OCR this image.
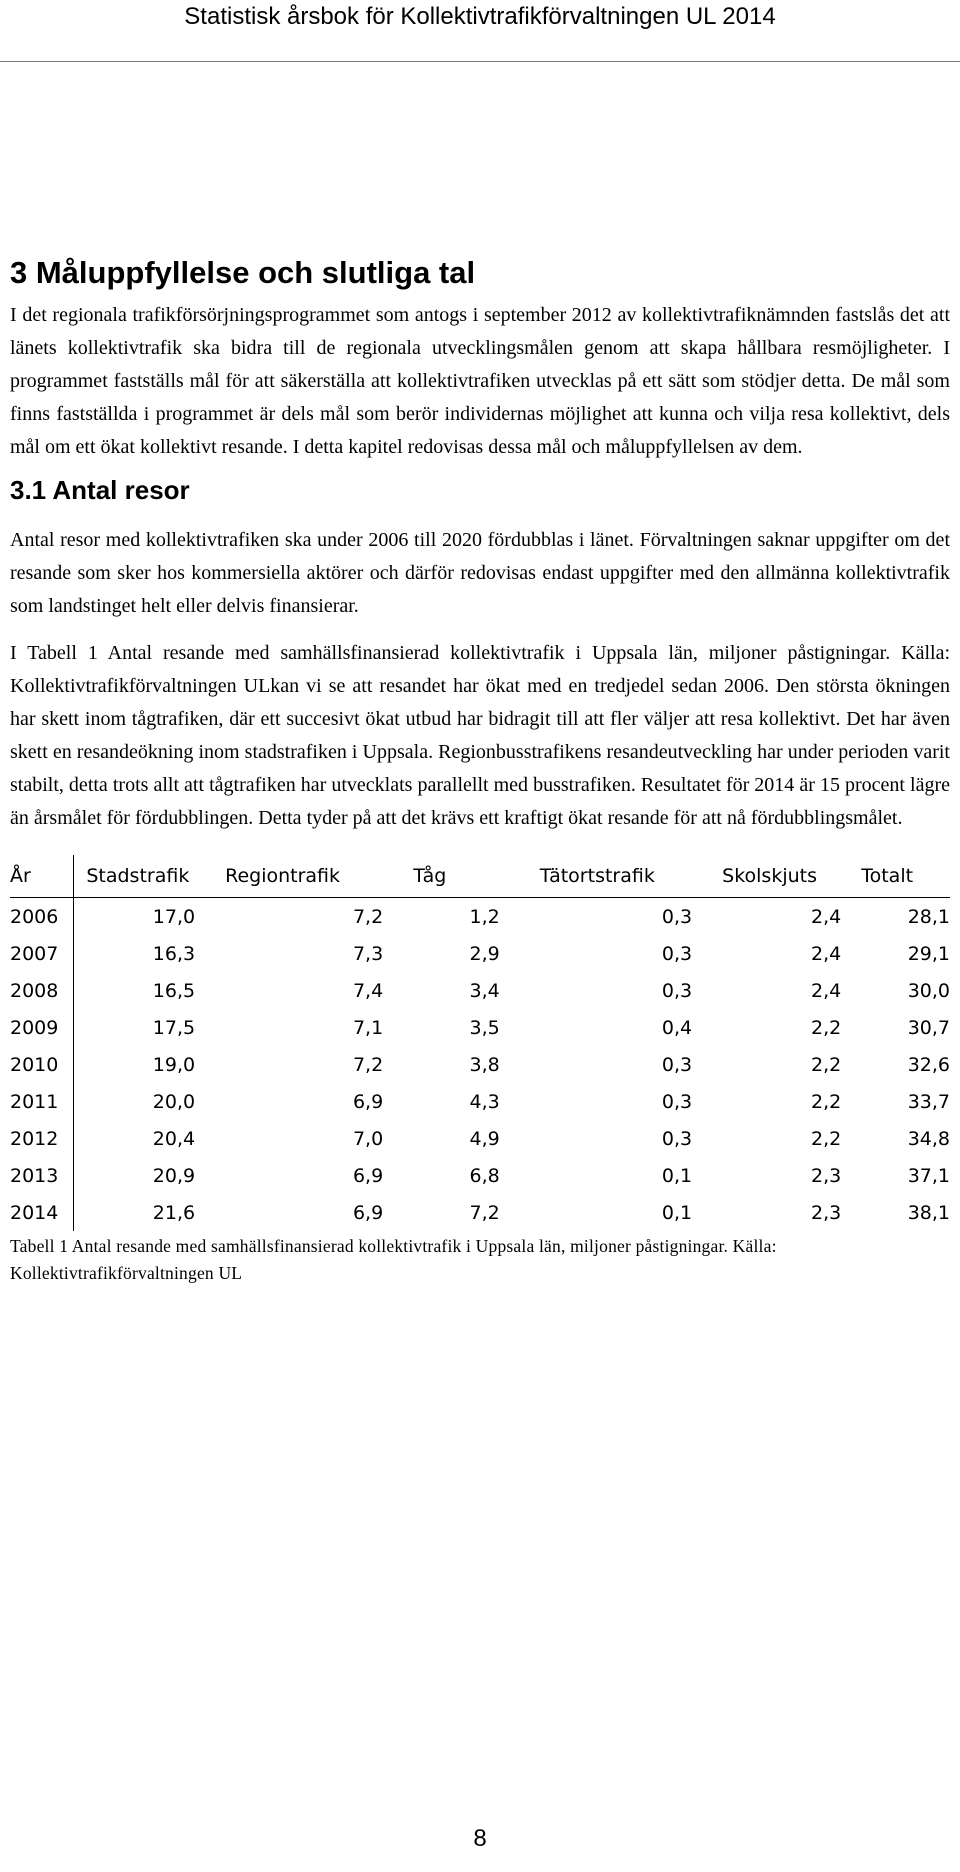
Statistisk årsbok för Kollektivtrafikförvaltningen UL 2014
3 Måluppfyllelse och slutliga tal

I det regionala trafikförsörjningsprogrammet som antogs i september 2012 av kollektivtrafiknämnden fastslås det att länets kollektivtrafik ska bidra till de regionala utvecklingsmålen genom att skapa hållbara resmöjligheter. I programmet fastställs mål för att säkerställa att kollektivtrafiken utvecklas på ett sätt som stödjer detta. De mål som finns fastställda i programmet är dels mål som berör individernas möjlighet att kunna och vilja resa kollektivt, dels mål om ett ökat kollektivt resande. I detta kapitel redovisas dessa mål och måluppfyllelsen av dem.

3.1 Antal resor

Antal resor med kollektivtrafiken ska under 2006 till 2020 fördubblas i länet. Förvaltningen saknar uppgifter om det resande som sker hos kommersiella aktörer och därför redovisas endast uppgifter med den allmänna kollektivtrafik som landstinget helt eller delvis finansierar.

I Tabell 1 Antal resande med samhällsfinansierad kollektivtrafik i Uppsala län, miljoner påstigningar. Källa: Kollektivtrafikförvaltningen ULkan vi se att resandet har ökat med en tredjedel sedan 2006. Den största ökningen har skett inom tågtrafiken, där ett succesivt ökat utbud har bidragit till att fler väljer att resa kollektivt. Det har även skett en resandeökning inom stadstrafiken i Uppsala. Regionbusstrafikens resandeutveckling har under perioden varit stabilt, detta trots allt att tågtrafiken har utvecklats parallellt med busstrafiken. Resultatet för 2014 är 15 procent lägre än årsmålet för fördubblingen. Detta tyder på att det krävs ett kraftigt ökat resande för att nå fördubblingsmålet.

År	Stadstrafik	Regiontrafik	Tåg	Tätortstrafik	Skolskjuts	Totalt
2006	17,0	7,2	1,2	0,3	2,4	28,1
2007	16,3	7,3	2,9	0,3	2,4	29,1
2008	16,5	7,4	3,4	0,3	2,4	30,0
2009	17,5	7,1	3,5	0,4	2,2	30,7
2010	19,0	7,2	3,8	0,3	2,2	32,6
2011	20,0	6,9	4,3	0,3	2,2	33,7
2012	20,4	7,0	4,9	0,3	2,2	34,8
2013	20,9	6,9	6,8	0,1	2,3	37,1
2014	21,6	6,9	7,2	0,1	2,3	38,1
Tabell 1 Antal resande med samhällsfinansierad kollektivtrafik i Uppsala län, miljoner påstigningar. Källa: Kollektivtrafikförvaltningen UL
8
